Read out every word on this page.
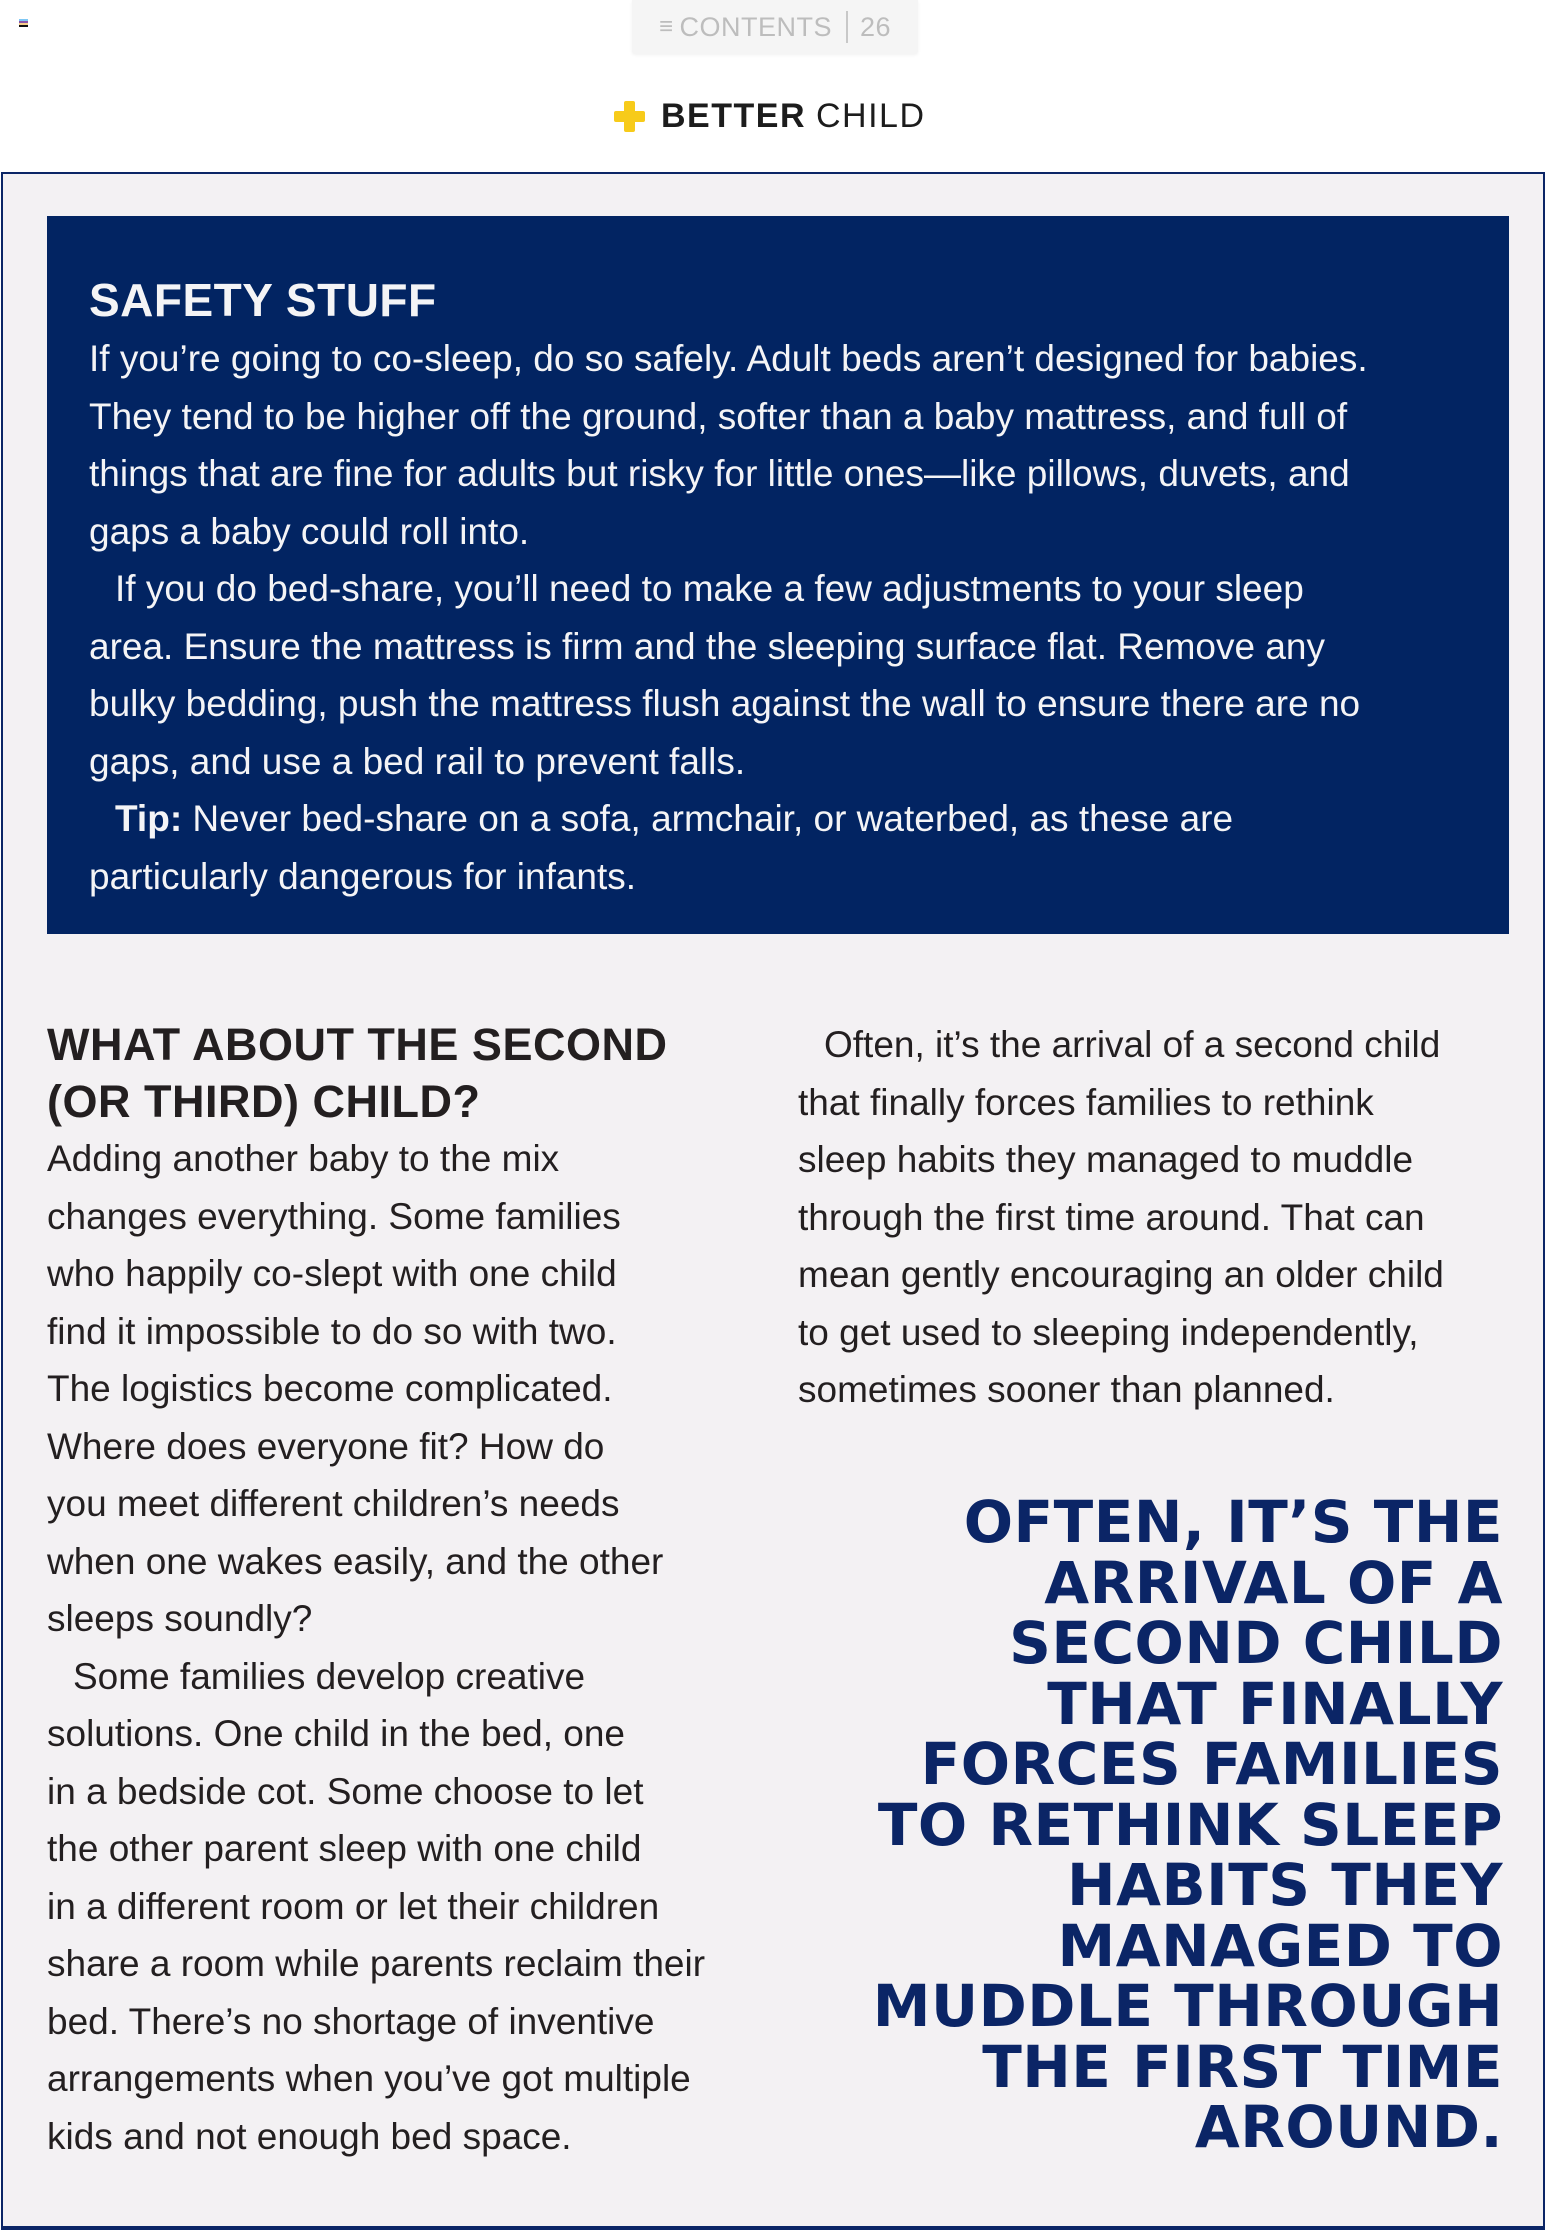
≡ CONTENTS 26
BETTER CHILD
SAFETY STUFF
If you’re going to co-sleep, do so safely. Adult beds aren’t designed for babies.
They tend to be higher off the ground, softer than a baby mattress, and full of
things that are fine for adults but risky for little ones—like pillows, duvets, and
gaps a baby could roll into.
If you do bed-share, you’ll need to make a few adjustments to your sleep
area. Ensure the mattress is firm and the sleeping surface flat. Remove any
bulky bedding, push the mattress flush against the wall to ensure there are no
gaps, and use a bed rail to prevent falls.
Tip: Never bed-share on a sofa, armchair, or waterbed, as these are
particularly dangerous for infants.
WHAT ABOUT THE SECOND
(OR THIRD) CHILD?
Adding another baby to the mix
changes everything. Some families
who happily co-slept with one child
find it impossible to do so with two.
The logistics become complicated.
Where does everyone fit? How do
you meet different children’s needs
when one wakes easily, and the other
sleeps soundly?
Some families develop creative
solutions. One child in the bed, one
in a bedside cot. Some choose to let
the other parent sleep with one child
in a different room or let their children
share a room while parents reclaim their
bed. There’s no shortage of inventive
arrangements when you’ve got multiple
kids and not enough bed space.
Often, it’s the arrival of a second child
that finally forces families to rethink
sleep habits they managed to muddle
through the first time around. That can
mean gently encouraging an older child
to get used to sleeping independently,
sometimes sooner than planned.
OFTEN, IT’S THE
ARRIVAL OF A
SECOND CHILD
THAT FINALLY
FORCES FAMILIES
TO RETHINK SLEEP
HABITS THEY
MANAGED TO
MUDDLE THROUGH
THE FIRST TIME
AROUND.
